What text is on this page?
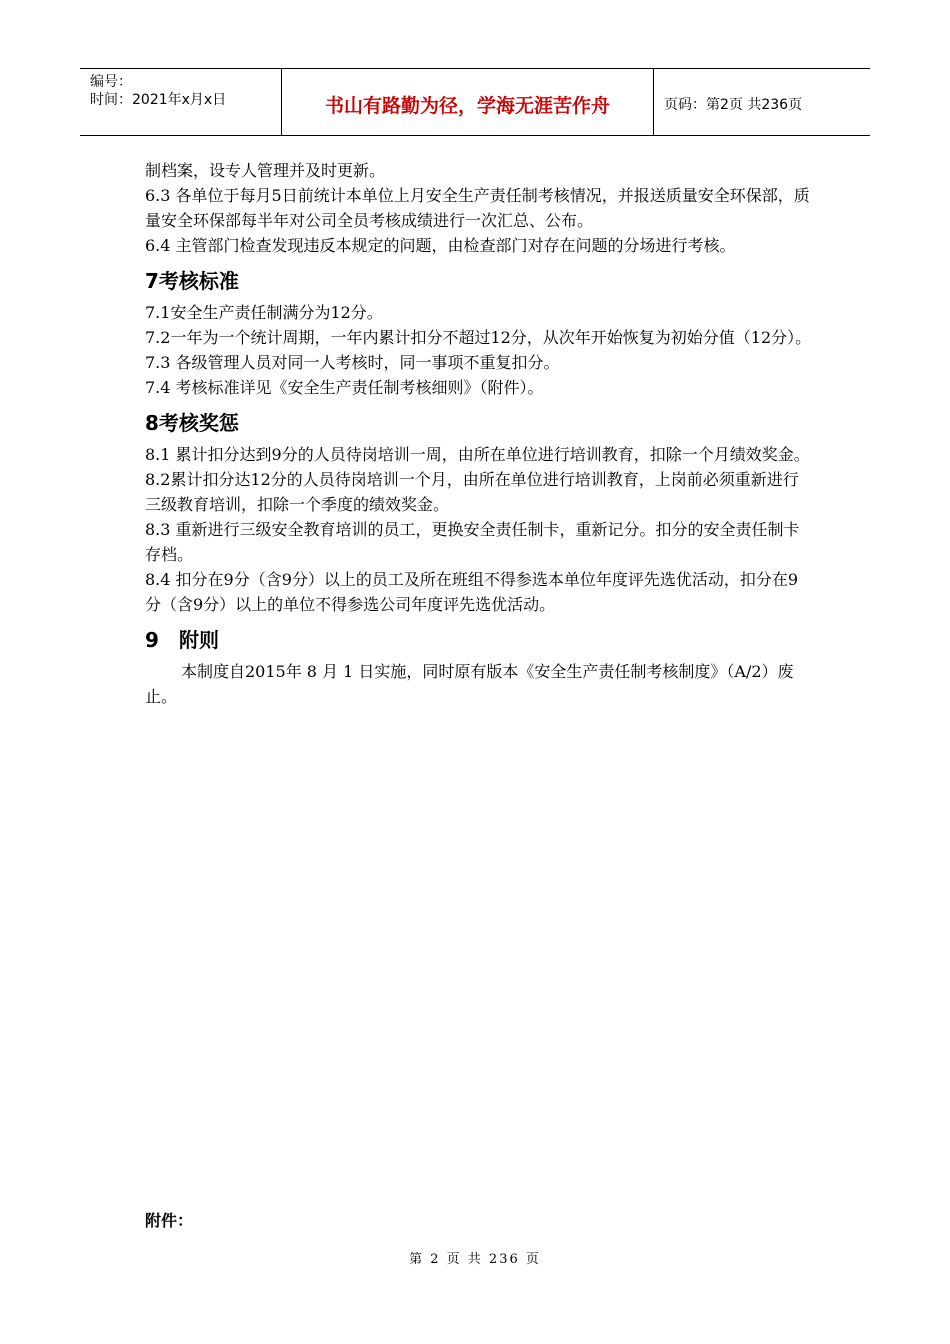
编号：
时间：2021年x月x日	书山有路勤为径，学海无涯苦作舟	页码：第2页 共236页

制档案，设专人管理并及时更新。

6.3 各单位于每月5日前统计本单位上月安全生产责任制考核情况，并报送质量安全环保部，质量安全环保部每半年对公司全员考核成绩进行一次汇总、公布。

6.4 主管部门检查发现违反本规定的问题，由检查部门对存在问题的分场进行考核。

7考核标准

7.1安全生产责任制满分为12分。

7.2一年为一个统计周期，一年内累计扣分不超过12分，从次年开始恢复为初始分值（12分）。

7.3 各级管理人员对同一人考核时，同一事项不重复扣分。

7.4 考核标准详见《安全生产责任制考核细则》（附件）。

8考核奖惩

8.1 累计扣分达到9分的人员待岗培训一周，由所在单位进行培训教育，扣除一个月绩效奖金。

8.2累计扣分达12分的人员待岗培训一个月，由所在单位进行培训教育，上岗前必须重新进行三级教育培训，扣除一个季度的绩效奖金。

8.3 重新进行三级安全教育培训的员工，更换安全责任制卡，重新记分。扣分的安全责任制卡存档。

8.4 扣分在9分（含9分）以上的员工及所在班组不得参选本单位年度评先选优活动，扣分在9分（含9分）以上的单位不得参选公司年度评先选优活动。

9 附则

本制度自2015年 8 月 1 日实施，同时原有版本《安全生产责任制考核制度》（A/2）废止。

附件：
第 2 页 共 236 页
